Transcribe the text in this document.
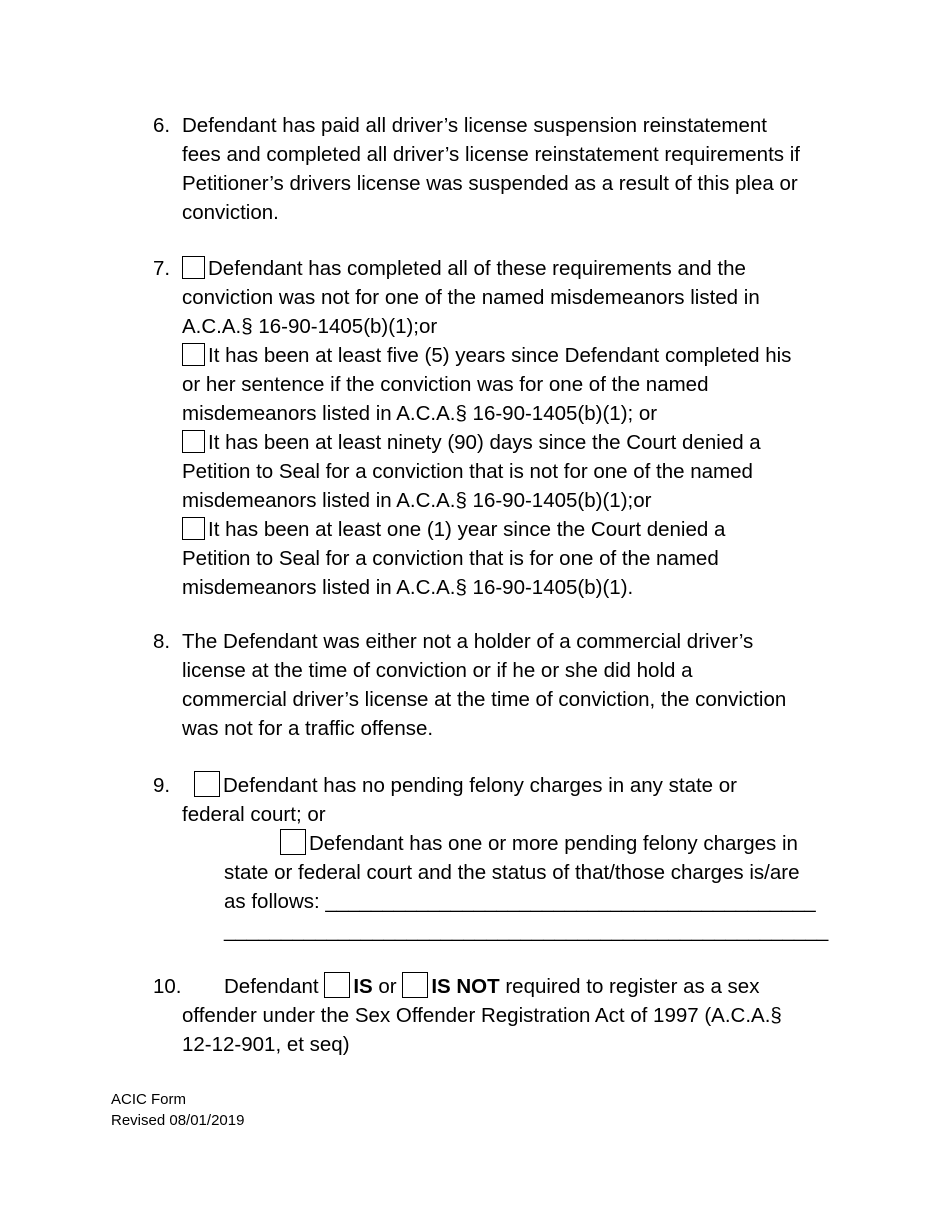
6. Defendant has paid all driver’s license suspension reinstatement
fees and completed all driver’s license reinstatement requirements if
Petitioner’s drivers license was suspended as a result of this plea or
conviction.
7.	Defendant has completed all of these requirements and the
conviction was not for one of the named misdemeanors listed in
A.C.A.§ 16-90-1405(b)(1);or
It has been at least five (5) years since Defendant completed his
or her sentence if the conviction was for one of the named
misdemeanors listed in A.C.A.§ 16-90-1405(b)(1); or
It has been at least ninety (90) days since the Court denied a
Petition to Seal for a conviction that is not for one of the named
misdemeanors listed in A.C.A.§ 16-90-1405(b)(1);or
It has been at least one (1) year since the Court denied a
Petition to Seal for a conviction that is for one of the named
misdemeanors listed in A.C.A.§ 16-90-1405(b)(1).
8. The Defendant was either not a holder of a commercial driver’s
license at the time of conviction or if he or she did hold a
commercial driver’s license at the time of conviction, the conviction
was not for a traffic offense.
9.	Defendant has no pending felony charges in any state or
federal court; or
Defendant has one or more pending felony charges in
state or federal court and the status of that/those charges is/are
as follows: ___________________________________________
_____________________________________________________
10.	Defendant IS or IS NOT required to register as a sex
offender under the Sex Offender Registration Act of 1997 (A.C.A.§
12-12-901, et seq)
ACIC Form
Revised 08/01/2019
